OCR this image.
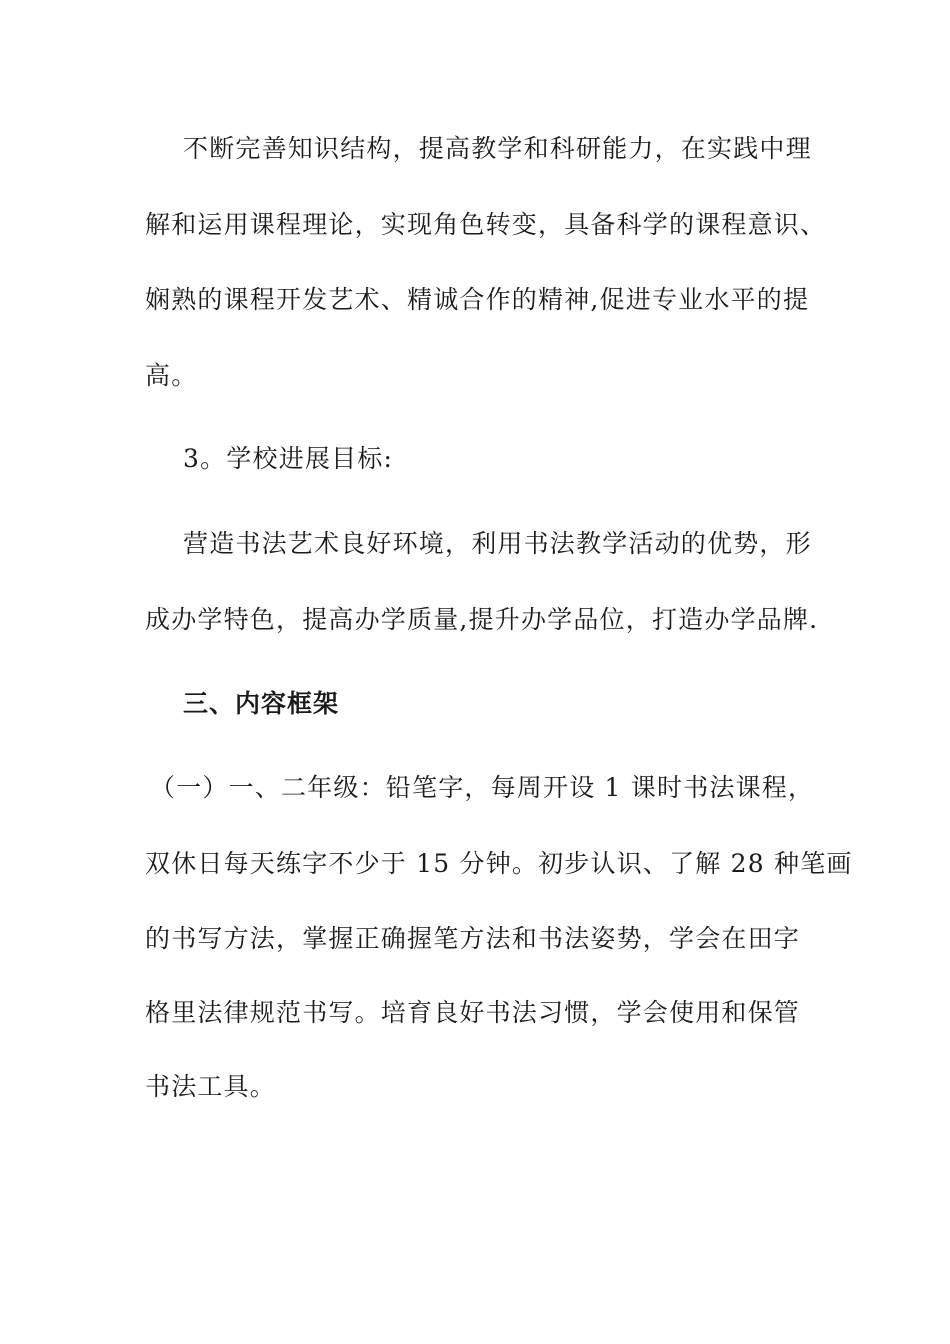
不断完善知识结构，提高教学和科研能力，在实践中理
解和运用课程理论，实现角色转变，具备科学的课程意识、
娴熟的课程开发艺术、精诚合作的精神,促进专业水平的提
高。
3。学校进展目标:
营造书法艺术良好环境，利用书法教学活动的优势，形
成办学特色，提高办学质量,提升办学品位，打造办学品牌.
三、内容框架
（一）一、二年级：铅笔字，每周开设 1 课时书法课程，
双休日每天练字不少于 15 分钟。初步认识、了解 28 种笔画
的书写方法，掌握正确握笔方法和书法姿势，学会在田字
格里法律规范书写。培育良好书法习惯，学会使用和保管
书法工具。
